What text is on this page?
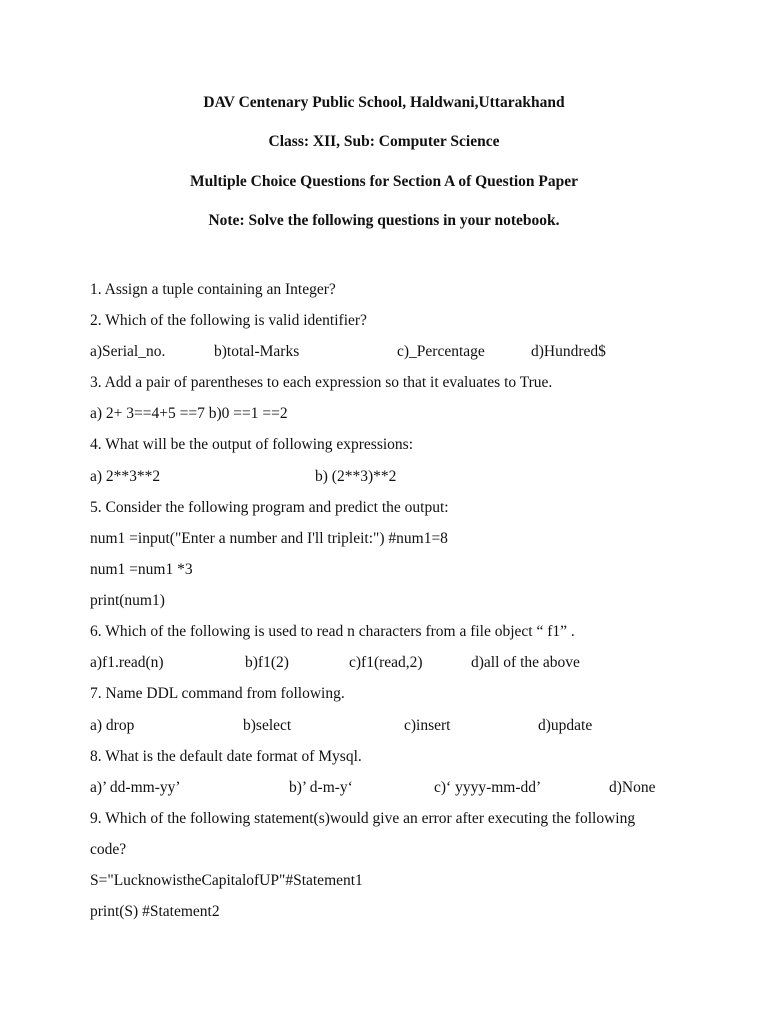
DAV Centenary Public School, Haldwani,Uttarakhand
Class: XII, Sub: Computer Science
Multiple Choice Questions for Section A of Question Paper
Note: Solve the following questions in your notebook.
1. Assign a tuple containing an Integer?
2. Which of the following is valid identifier?
a)Serial_no.	b)total-Marks	c)_Percentage	d)Hundred$
3. Add a pair of parentheses to each expression so that it evaluates to True.
a) 2+ 3==4+5 ==7 b)0 ==1 ==2
4. What will be the output of following expressions:
a) 2**3**2	b) (2**3)**2
5. Consider the following program and predict the output:
num1 =input("Enter a number and I'll tripleit:") #num1=8
num1 =num1 *3
print(num1)
6. Which of the following is used to read n characters from a file object “ f1” .
a)f1.read(n)	b)f1(2)	c)f1(read,2)	d)all of the above
7. Name DDL command from following.
a) drop	b)select	c)insert	d)update
8. What is the default date format of Mysql.
a)’ dd-mm-yy’	b)’ d-m-y‘	c)‘ yyyy-mm-dd’	d)None
9. Which of the following statement(s)would give an error after executing the following
code?
S="LucknowistheCapitalofUP"#Statement1
print(S) #Statement2
